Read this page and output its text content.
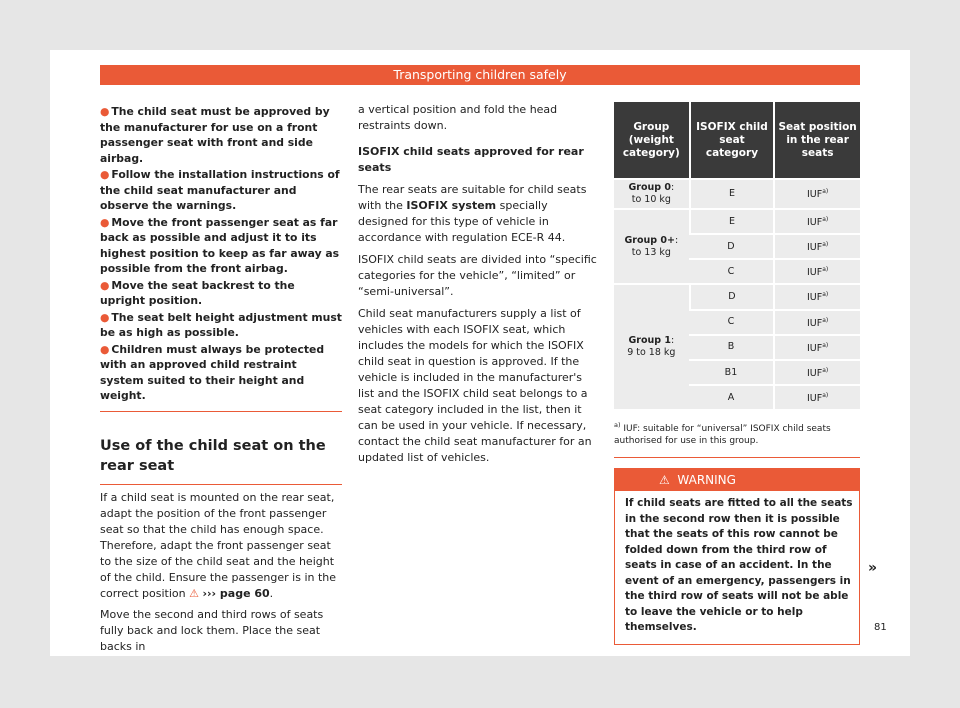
Transporting children safely
● The child seat must be approved by the manufacturer for use on a front passenger seat with front and side airbag.
● Follow the installation instructions of the child seat manufacturer and observe the warnings.
● Move the front passenger seat as far back as possible and adjust it to its highest position to keep as far away as possible from the front airbag.
● Move the seat backrest to the upright position.
● The seat belt height adjustment must be as high as possible.
● Children must always be protected with an approved child restraint system suited to their height and weight.
Use of the child seat on the rear seat

If a child seat is mounted on the rear seat, adapt the position of the front passenger seat so that the child has enough space. Therefore, adapt the front passenger seat to the size of the child seat and the height of the child. Ensure the passenger is in the correct position ⚠ ››› page 60.

Move the second and third rows of seats fully back and lock them. Place the seat backs in

a vertical position and fold the head restraints down.

ISOFIX child seats approved for rear seats

The rear seats are suitable for child seats with the ISOFIX system specially designed for this type of vehicle in accordance with regulation ECE-R 44.

ISOFIX child seats are divided into “specific categories for the vehicle”, “limited” or “semi-universal”.

Child seat manufacturers supply a list of vehicles with each ISOFIX seat, which includes the models for which the ISOFIX child seat in question is approved. If the vehicle is included in the manufacturer's list and the ISOFIX child seat belongs to a seat category included in the list, then it can be used in your vehicle. If necessary, contact the child seat manufacturer for an updated list of vehicles.

Group (weight category)	ISOFIX child seat category	Seat position in the rear seats
Group 0:
to 10 kg	E	IUF$^{a)}$
Group 0+:
to 13 kg	E	IUF$^{a)}$
	D	IUF$^{a)}$
	C	IUF$^{a)}$
Group 1:
9 to 18 kg	D	IUF$^{a)}$
	C	IUF$^{a)}$
	B	IUF$^{a)}$
	B1	IUF$^{a)}$
	A	IUF$^{a)}$
$^{a)}$ IUF: suitable for “universal” ISOFIX child seats authorised for use in this group.
⚠ WARNING
If child seats are fitted to all the seats in the second row then it is possible that the seats of this row cannot be folded down from the third row of seats in case of an accident. In the event of an emergency, passengers in the third row of seats will not be able to leave the vehicle or to help themselves.
»
81
